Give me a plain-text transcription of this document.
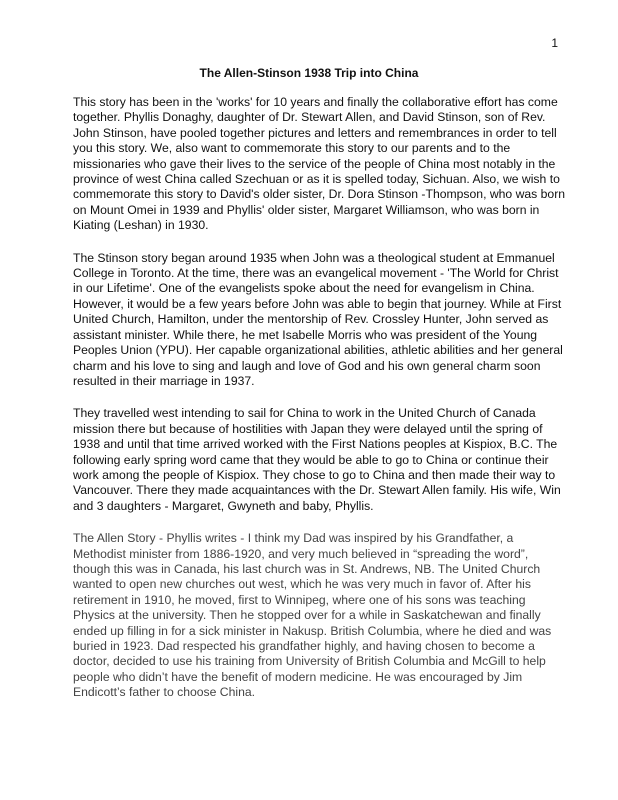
1
The Allen-Stinson 1938 Trip into China

This story has been in the 'works' for 10 years and finally the collaborative effort has come
together. Phyllis Donaghy, daughter of Dr. Stewart Allen, and David Stinson, son of Rev.
John Stinson, have pooled together pictures and letters and remembrances in order to tell
you this story. We, also want to commemorate this story to our parents and to the
missionaries who gave their lives to the service of the people of China most notably in the
province of west China called Szechuan or as it is spelled today, Sichuan. Also, we wish to
commemorate this story to David's older sister, Dr. Dora Stinson -Thompson, who was born
on Mount Omei in 1939 and Phyllis' older sister, Margaret Williamson, who was born in
Kiating (Leshan) in 1930.

The Stinson story began around 1935 when John was a theological student at Emmanuel
College in Toronto. At the time, there was an evangelical movement - 'The World for Christ
in our Lifetime'. One of the evangelists spoke about the need for evangelism in China.
However, it would be a few years before John was able to begin that journey. While at First
United Church, Hamilton, under the mentorship of Rev. Crossley Hunter, John served as
assistant minister. While there, he met Isabelle Morris who was president of the Young
Peoples Union (YPU). Her capable organizational abilities, athletic abilities and her general
charm and his love to sing and laugh and love of God and his own general charm soon
resulted in their marriage in 1937.

They travelled west intending to sail for China to work in the United Church of Canada
mission there but because of hostilities with Japan they were delayed until the spring of
1938 and until that time arrived worked with the First Nations peoples at Kispiox, B.C. The
following early spring word came that they would be able to go to China or continue their
work among the people of Kispiox. They chose to go to China and then made their way to
Vancouver. There they made acquaintances with the Dr. Stewart Allen family. His wife, Win
and 3 daughters - Margaret, Gwyneth and baby, Phyllis.

The Allen Story - Phyllis writes - I think my Dad was inspired by his Grandfather, a
Methodist minister from 1886-1920, and very much believed in “spreading the word”,
though this was in Canada, his last church was in St. Andrews, NB. The United Church
wanted to open new churches out west, which he was very much in favor of. After his
retirement in 1910, he moved, first to Winnipeg, where one of his sons was teaching
Physics at the university. Then he stopped over for a while in Saskatchewan and finally
ended up filling in for a sick minister in Nakusp. British Columbia, where he died and was
buried in 1923. Dad respected his grandfather highly, and having chosen to become a
doctor, decided to use his training from University of British Columbia and McGill to help
people who didn’t have the benefit of modern medicine. He was encouraged by Jim
Endicott’s father to choose China.
